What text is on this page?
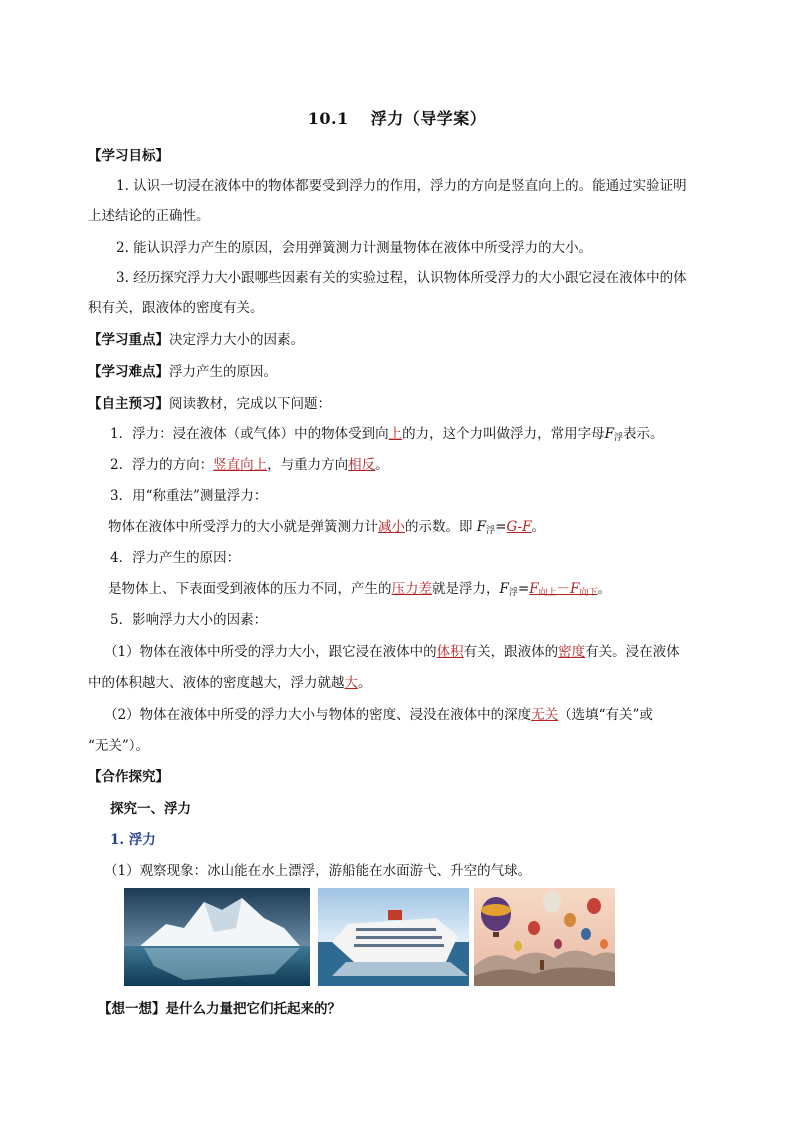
10.1 浮力（导学案）
【学习目标】
1. 认识一切浸在液体中的物体都要受到浮力的作用，浮力的方向是竖直向上的。能通过实验证明
上述结论的正确性。
2. 能认识浮力产生的原因，会用弹簧测力计测量物体在液体中所受浮力的大小。
3. 经历探究浮力大小跟哪些因素有关的实验过程，认识物体所受浮力的大小跟它浸在液体中的体
积有关，跟液体的密度有关。
【学习重点】决定浮力大小的因素。
【学习难点】浮力产生的原因。
【自主预习】阅读教材，完成以下问题：
1．浮力：浸在液体（或气体）中的物体受到向上的力，这个力叫做浮力，常用字母$F_浮$表示。
2．浮力的方向：竖直向上，与重力方向相反。
3．用“称重法”测量浮力：
物体在液体中所受浮力的大小就是弹簧测力计减小的示数。即 $F_浮=G-F$。
4．浮力产生的原因：
是物体上、下表面受到液体的压力不同，产生的压力差就是浮力，$F_浮=F_{向上}-F_{向下}$。
5．影响浮力大小的因素：
（1）物体在液体中所受的浮力大小，跟它浸在液体中的体积有关，跟液体的密度有关。浸在液体
中的体积越大、液体的密度越大，浮力就越大。
（2）物体在液体中所受的浮力大小与物体的密度、浸没在液体中的深度无关（选填“有关”或
“无关”）。
【合作探究】
探究一、浮力
1. 浮力
（1）观察现象：冰山能在水上漂浮，游船能在水面游弋、升空的气球。
【想一想】是什么力量把它们托起来的？
